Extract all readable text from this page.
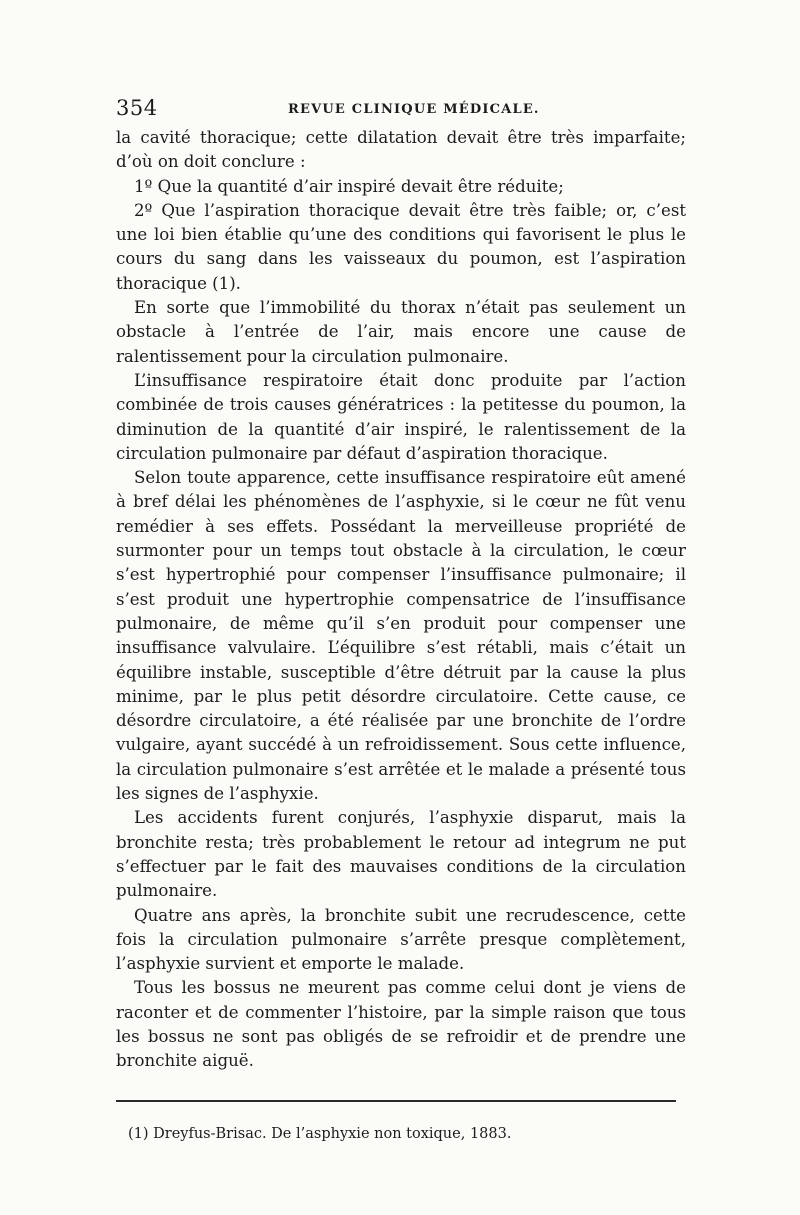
354	REVUE CLINIQUE MÉDICALE.

la cavité thoracique; cette dilatation devait être très imparfaite; d’où on doit conclure :

1º Que la quantité d’air inspiré devait être réduite;

2º Que l’aspiration thoracique devait être très faible; or, c’est une loi bien établie qu’une des conditions qui favorisent le plus le cours du sang dans les vaisseaux du poumon, est l’aspiration thoracique (1).

En sorte que l’immobilité du thorax n’était pas seulement un obstacle à l’entrée de l’air, mais encore une cause de ralentissement pour la circulation pulmonaire.

L’insuffisance respiratoire était donc produite par l’action combinée de trois causes génératrices : la petitesse du poumon, la diminution de la quantité d’air inspiré, le ralentissement de la circulation pulmonaire par défaut d’aspiration thoracique.

Selon toute apparence, cette insuffisance respiratoire eût amené à bref délai les phénomènes de l’asphyxie, si le cœur ne fût venu remédier à ses effets. Possédant la merveilleuse propriété de surmonter pour un temps tout obstacle à la circulation, le cœur s’est hypertrophié pour compenser l’insuffisance pulmonaire; il s’est produit une hypertrophie compensatrice de l’insuffisance pulmonaire, de même qu’il s’en produit pour compenser une insuffisance valvulaire. L’équilibre s’est rétabli, mais c’était un équilibre instable, susceptible d’être détruit par la cause la plus minime, par le plus petit désordre circulatoire. Cette cause, ce désordre circulatoire, a été réalisée par une bronchite de l’ordre vulgaire, ayant succédé à un refroidissement. Sous cette influence, la circulation pulmonaire s’est arrêtée et le malade a présenté tous les signes de l’asphyxie.

Les accidents furent conjurés, l’asphyxie disparut, mais la bronchite resta; très probablement le retour ad integrum ne put s’effectuer par le fait des mauvaises conditions de la circulation pulmonaire.

Quatre ans après, la bronchite subit une recrudescence, cette fois la circulation pulmonaire s’arrête presque complètement, l’asphyxie survient et emporte le malade.

Tous les bossus ne meurent pas comme celui dont je viens de raconter et de commenter l’histoire, par la simple raison que tous les bossus ne sont pas obligés de se refroidir et de prendre une bronchite aiguë.

(1) Dreyfus-Brisac. De l’asphyxie non toxique, 1883.
